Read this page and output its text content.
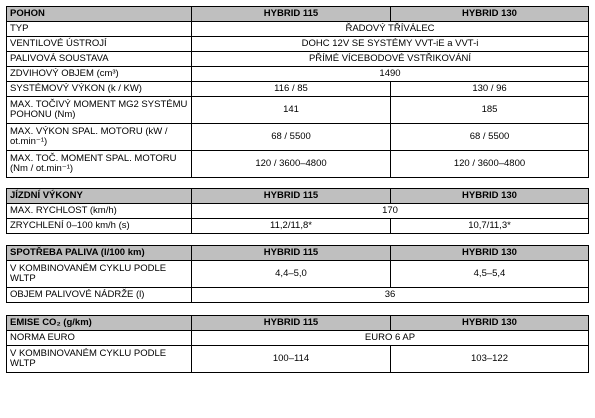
POHON	HYBRID 115	HYBRID 130
TYP	ŘADOVÝ TŘÍVÁLEC	
VENTILOVÉ ÚSTROJÍ	DOHC 12V SE SYSTÉMY VVT-iE a VVT-i	
PALIVOVÁ SOUSTAVA	PŘÍMÉ VÍCEBODOVÉ VSTŘIKOVÁNÍ	
ZDVIHOVÝ OBJEM (cm³)	1490	
SYSTÉMOVÝ VÝKON (k / KW)	116 / 85	130 / 96
MAX. TOČIVÝ MOMENT MG2 SYSTÉMU POHONU (Nm)	141	185
MAX. VÝKON SPAL. MOTORU (kW / ot.min⁻¹)	68 / 5500	68 / 5500
MAX. TOČ. MOMENT SPAL. MOTORU (Nm / ot.min⁻¹)	120 / 3600–4800	120 / 3600–4800
JÍZDNÍ VÝKONY	HYBRID 115	HYBRID 130
MAX. RYCHLOST (km/h)	170	
ZRYCHLENÍ 0–100 km/h (s)	11,2/11,8*	10,7/11,3*
SPOTŘEBA PALIVA (l/100 km)	HYBRID 115	HYBRID 130
V KOMBINOVANÉM CYKLU PODLE WLTP	4,4–5,0	4,5–5,4
OBJEM PALIVOVÉ NÁDRŽE (l)	36	
EMISE CO₂ (g/km)	HYBRID 115	HYBRID 130
NORMA EURO	EURO 6 AP	
V KOMBINOVANÉM CYKLU PODLE WLTP	100–114	103–122
